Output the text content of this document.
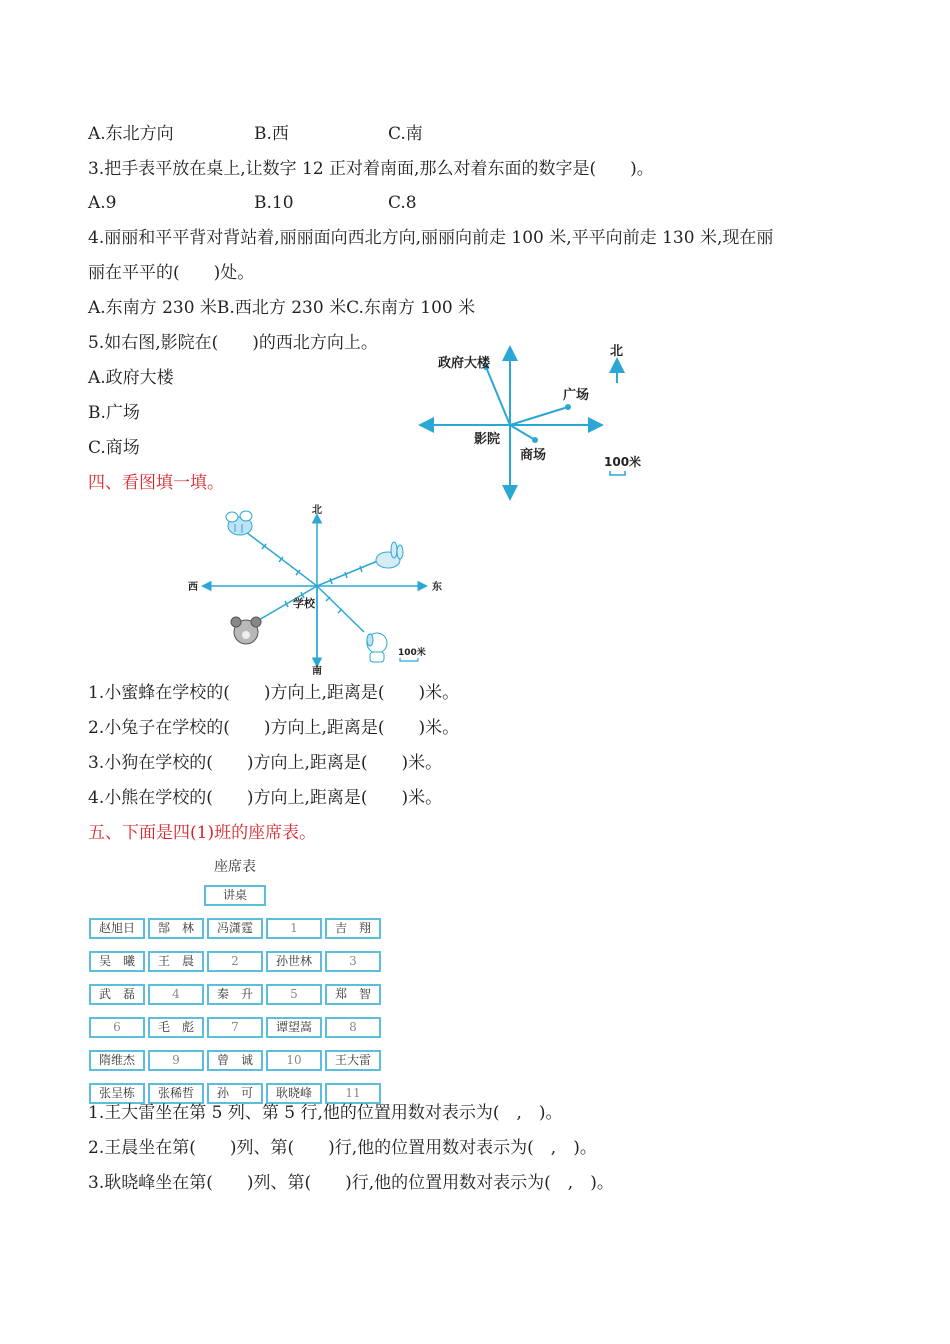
A.东北方向	B.西	C.南
3.把手表平放在桌上,让数字 12 正对着南面,那么对着东面的数字是(　　)。
A.9	B.10	C.8
4.丽丽和平平背对背站着,丽丽面向西北方向,丽丽向前走 100 米,平平向前走 130 米,现在丽
丽在平平的(　　)处。
A.东南方 230 米B.西北方 230 米C.东南方 100 米
5.如右图,影院在(　　)的西北方向上。
A.政府大楼
B.广场
C.商场
北
政府大楼
广场
影院
商场	100米
四、看图填一填。
北
南
东
西
学校
100米
1.小蜜蜂在学校的(　　)方向上,距离是(　　)米。
2.小兔子在学校的(　　)方向上,距离是(　　)米。
3.小狗在学校的(　　)方向上,距离是(　　)米。
4.小熊在学校的(　　)方向上,距离是(　　)米。
五、下面是四(1)班的座席表。
座席表
讲桌
赵旭日	郜　林	冯潇霆	1	吉　翔
吴　曦	王　晨	2	孙世林	3
武　磊	4	秦　升	5	郑　智
6	毛　彪	7	谭望嵩	8
隋维杰	9	曾　诚	10	王大雷
张呈栋	张稀哲	孙　可	耿晓峰	11
1.王大雷坐在第 5 列、第 5 行,他的位置用数对表示为(　,　)。
2.王晨坐在第(　　)列、第(　　)行,他的位置用数对表示为(　,　)。
3.耿晓峰坐在第(　　)列、第(　　)行,他的位置用数对表示为(　,　)。
